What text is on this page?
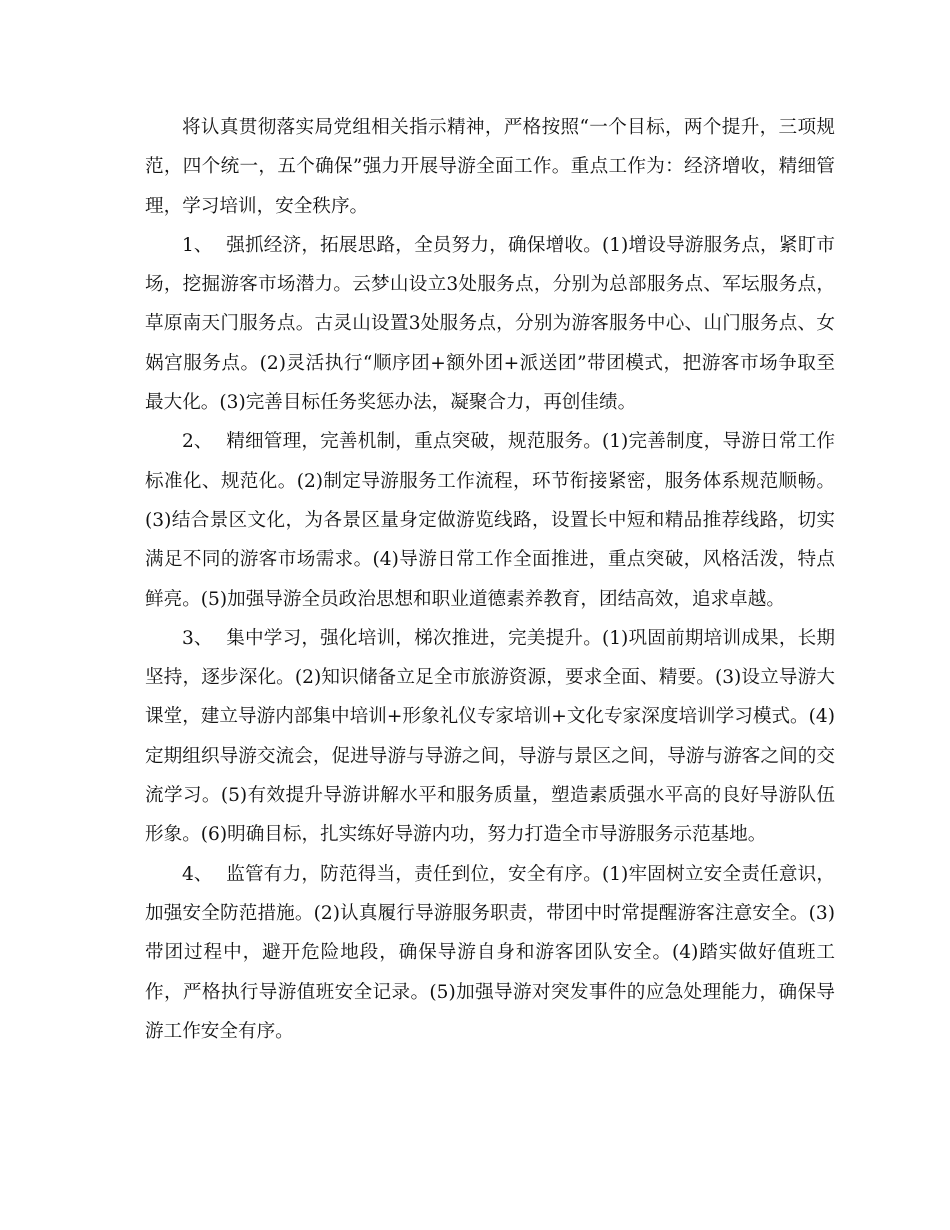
将认真贯彻落实局党组相关指示精神，严格按照“一个目标，两个提升，三项规范，四个统一，五个确保”强力开展导游全面工作。重点工作为：经济增收，精细管理，学习培训，安全秩序。

1、 强抓经济，拓展思路，全员努力，确保增收。(1)增设导游服务点，紧盯市场，挖掘游客市场潜力。云梦山设立3处服务点，分别为总部服务点、军坛服务点，草原南天门服务点。古灵山设置3处服务点，分别为游客服务中心、山门服务点、女娲宫服务点。(2)灵活执行“顺序团+额外团+派送团”带团模式，把游客市场争取至最大化。(3)完善目标任务奖惩办法，凝聚合力，再创佳绩。

2、 精细管理，完善机制，重点突破，规范服务。(1)完善制度，导游日常工作标准化、规范化。(2)制定导游服务工作流程，环节衔接紧密，服务体系规范顺畅。(3)结合景区文化，为各景区量身定做游览线路，设置长中短和精品推荐线路，切实满足不同的游客市场需求。(4)导游日常工作全面推进，重点突破，风格活泼，特点鲜亮。(5)加强导游全员政治思想和职业道德素养教育，团结高效，追求卓越。

3、 集中学习，强化培训，梯次推进，完美提升。(1)巩固前期培训成果，长期坚持，逐步深化。(2)知识储备立足全市旅游资源，要求全面、精要。(3)设立导游大课堂，建立导游内部集中培训+形象礼仪专家培训+文化专家深度培训学习模式。(4)定期组织导游交流会，促进导游与导游之间，导游与景区之间，导游与游客之间的交流学习。(5)有效提升导游讲解水平和服务质量，塑造素质强水平高的良好导游队伍形象。(6)明确目标，扎实练好导游内功，努力打造全市导游服务示范基地。

4、 监管有力，防范得当，责任到位，安全有序。(1)牢固树立安全责任意识，加强安全防范措施。(2)认真履行导游服务职责，带团中时常提醒游客注意安全。(3)带团过程中，避开危险地段，确保导游自身和游客团队安全。(4)踏实做好值班工作，严格执行导游值班安全记录。(5)加强导游对突发事件的应急处理能力，确保导游工作安全有序。
